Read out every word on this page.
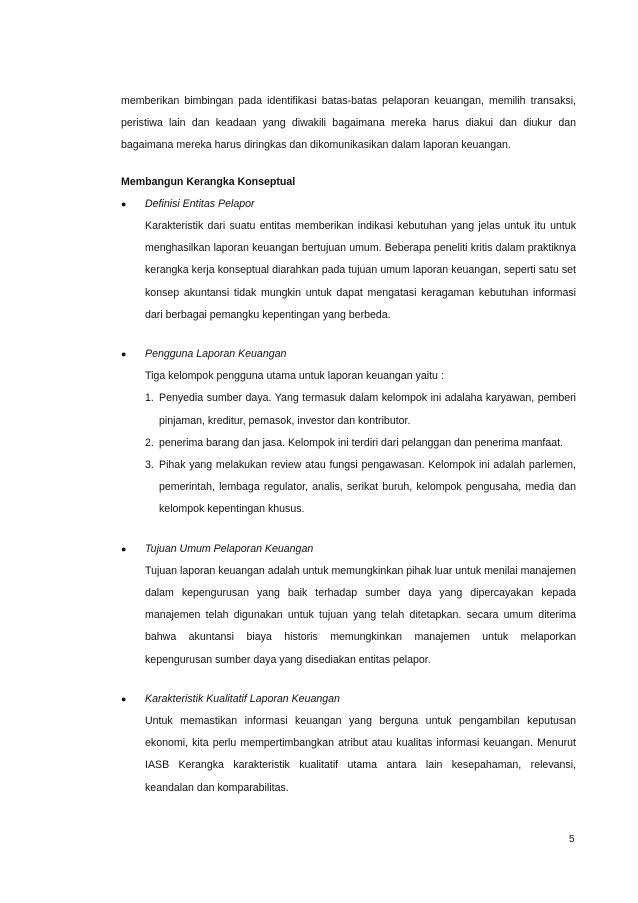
memberikan bimbingan pada identifikasi batas-batas pelaporan keuangan, memilih transaksi, peristiwa lain dan keadaan yang diwakili bagaimana mereka harus diakui dan diukur dan bagaimana mereka harus diringkas dan dikomunikasikan dalam laporan keuangan.

Membangun Kerangka Konseptual

●	Definisi Entitas Pelapor

Karakteristik dari suatu entitas memberikan indikasi kebutuhan yang jelas untuk itu untuk menghasilkan laporan keuangan bertujuan umum. Beberapa peneliti kritis dalam praktiknya kerangka kerja konseptual diarahkan pada tujuan umum laporan keuangan, seperti satu set konsep akuntansi tidak mungkin untuk dapat mengatasi keragaman kebutuhan informasi dari berbagai pemangku kepentingan yang berbeda.

●	Pengguna Laporan Keuangan

Tiga kelompok pengguna utama untuk laporan keuangan yaitu :

1. Penyedia sumber daya. Yang termasuk dalam kelompok ini adalaha karyawan, pemberi pinjaman, kreditur, pemasok, investor dan kontributor.

2. penerima barang dan jasa. Kelompok ini terdiri dari pelanggan dan penerima manfaat.

3. Pihak yang melakukan review atau fungsi pengawasan. Kelompok ini adalah parlemen, pemerintah, lembaga regulator, analis, serikat buruh, kelompok pengusaha, media dan kelompok kepentingan khusus.

●	Tujuan Umum Pelaporan Keuangan

Tujuan laporan keuangan adalah untuk memungkinkan pihak luar untuk menilai manajemen dalam kepengurusan yang baik terhadap sumber daya yang dipercayakan kepada manajemen telah digunakan untuk tujuan yang telah ditetapkan. secara umum diterima bahwa akuntansi biaya historis memungkinkan manajemen untuk melaporkan kepengurusan sumber daya yang disediakan entitas pelapor.

●	Karakteristik Kualitatif Laporan Keuangan

Untuk memastikan informasi keuangan yang berguna untuk pengambilan keputusan ekonomi, kita perlu mempertimbangkan atribut atau kualitas informasi keuangan. Menurut IASB Kerangka karakteristik kualitatif utama antara lain kesepahaman, relevansi, keandalan dan komparabilitas.

5
